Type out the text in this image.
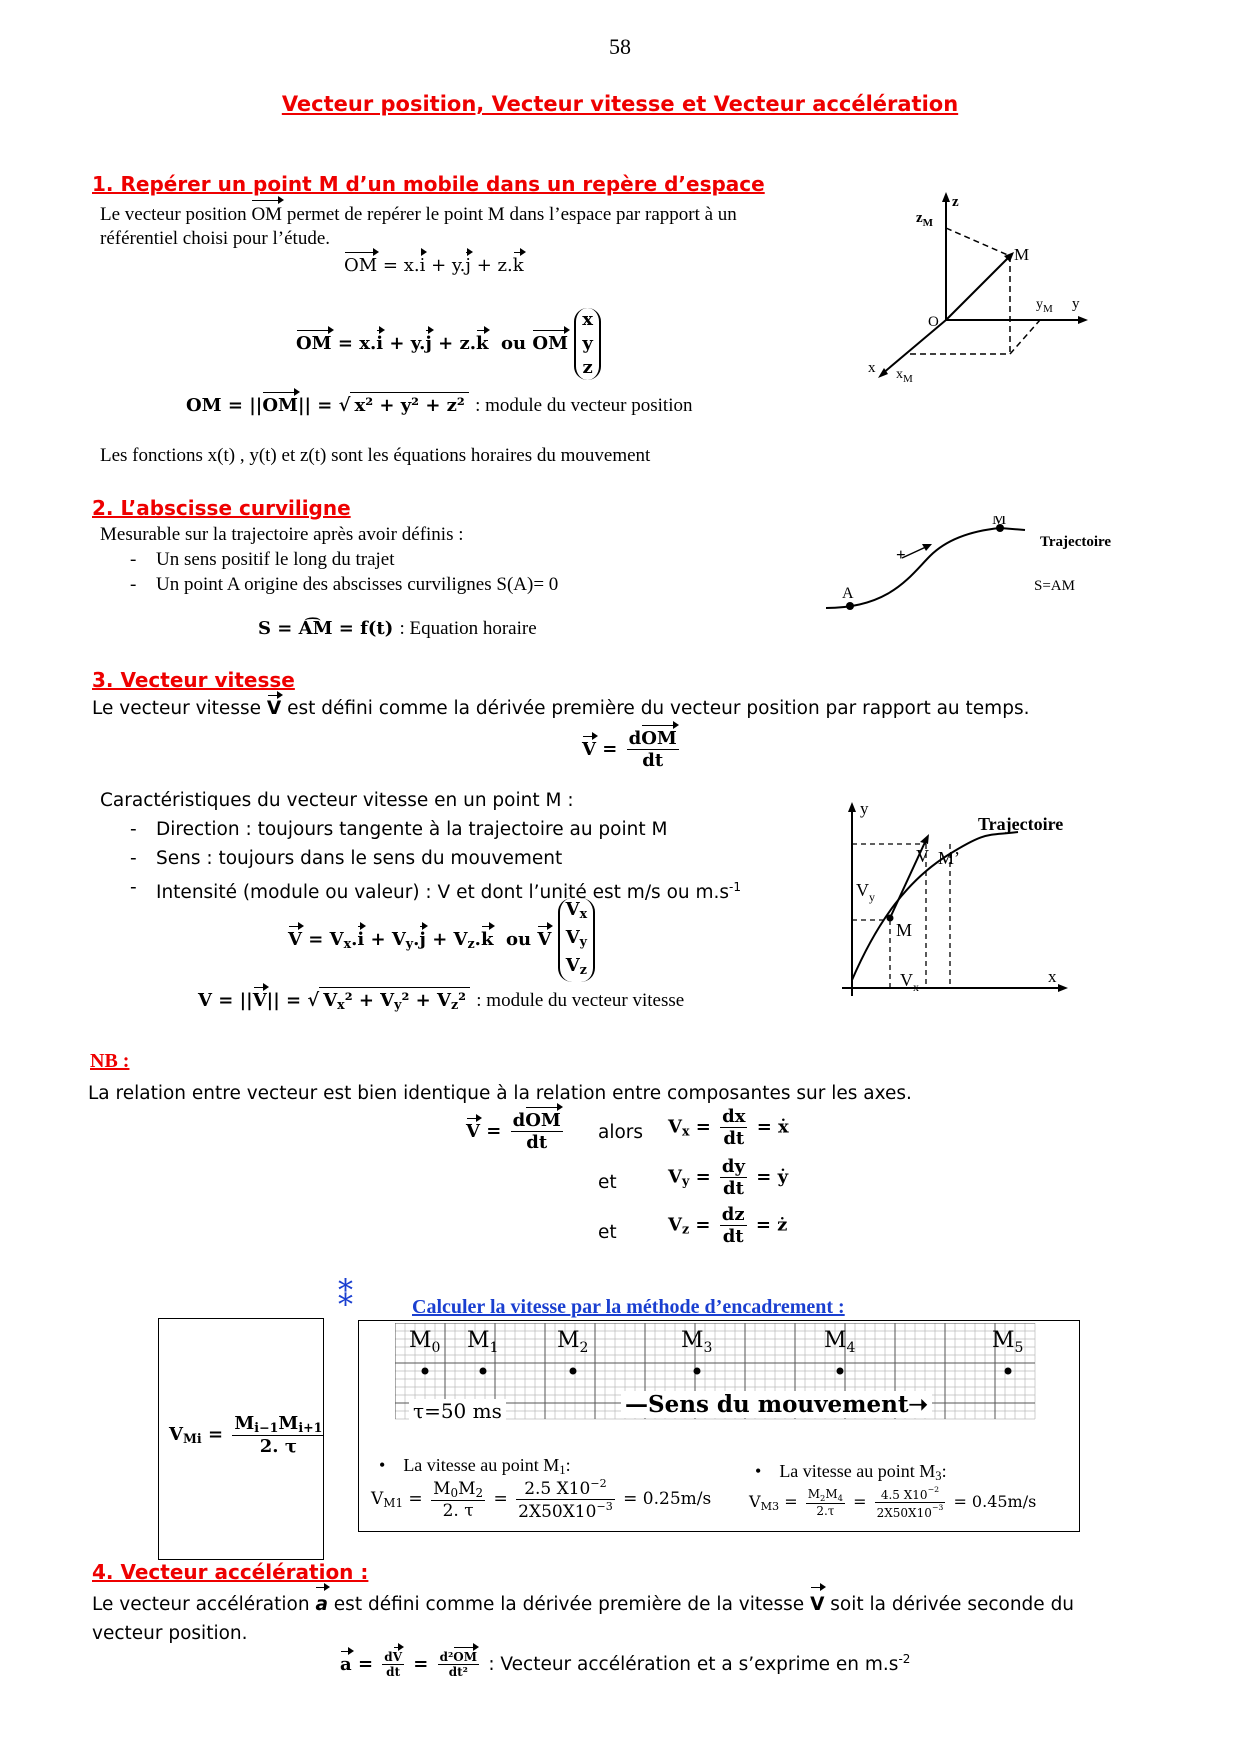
58
Vecteur position, Vecteur vitesse et Vecteur accélération
1. Repérer un point M d’un mobile dans un repère d’espace
Le vecteur position OM permet de repérer le point M dans l’espace par rapport à un
référentiel choisi pour l’étude.
OM = x.i + y.j + z.k
OM = x.i + y.j + z.k ou OM x
y
z
OM = ||OM|| = √ x² + y² + z² : module du vecteur position
Les fonctions x(t) , y(t) et z(t) sont les équations horaires du mouvement
z
$z_M$
M
O
$y_M$ y
x $x_M$
2. L’abscisse curviligne
Mesurable sur la trajectoire après avoir définis :
- Un sens positif le long du trajet
- Un point A origine des abscisses curvilignes S(A)= 0
S = A͡M = f(t) : Equation horaire
A
M
+
Trajectoire
S=AM
3. Vecteur vitesse
Le vecteur vitesse V est défini comme la dérivée première du vecteur position par rapport au temps.
$V = \frac{\text{dOM}}{dt}$
Caractéristiques du vecteur vitesse en un point M :
- Direction : toujours tangente à la trajectoire au point M
- Sens : toujours dans le sens du mouvement
- Intensité (module ou valeur) : V et dont l’unité est m/s ou $m.s^{-1}$
$V = V_x.i + V_y.j + V_z.k$ ou V $V_x$
$V_y$
$V_z$
V = ||V|| = √ $V_x^2 + V_y^2 + V_z^2$ : module du vecteur vitesse
y
Trajectoire
V M’
$V_y$
M
$V_x$
x
NB :
La relation entre vecteur est bien identique à la relation entre composantes sur les axes.
$V = \frac{\text{dOM}}{dt}$ alors $V_x = \frac{dx}{dt}$ = ẋ
et	$V_y = \frac{dy}{dt}$ = ẏ
et	$V_z = \frac{dz}{dt}$ = ż
⁑	Calculer la vitesse par la méthode d’encadrement :
$V_{Mi} = \frac{M_{i-1}M_{i+1}}{2. \tau}$
$M_0$ $M_1$	$M_2$	$M_3$	$M_4$	$M_5$
τ=50 ms	—Sens du mouvement➝
•    La vitesse au point $M_1$:
$V_{M1} = \frac{M_0M_2}{2. \tau} = \frac{2.5 X10^{-2}}{2X50X10^{-3}} = 0.25m/s$
•    La vitesse au point $M_3$:
$V_{M3} = \frac{M_2M_4}{2.\tau} = \frac{4.5 X10^{-2}}{2X50X10^{-3}} = 0.45m/s$
4. Vecteur accélération :
Le vecteur accélération a est défini comme la dérivée première de la vitesse V soit la dérivée seconde du
vecteur position.
$a = \frac{dV}{dt} = \frac{\text{d²OM}}{\text{dt²}}$ : Vecteur accélération et a s’exprime en $m.s^{-2}$
